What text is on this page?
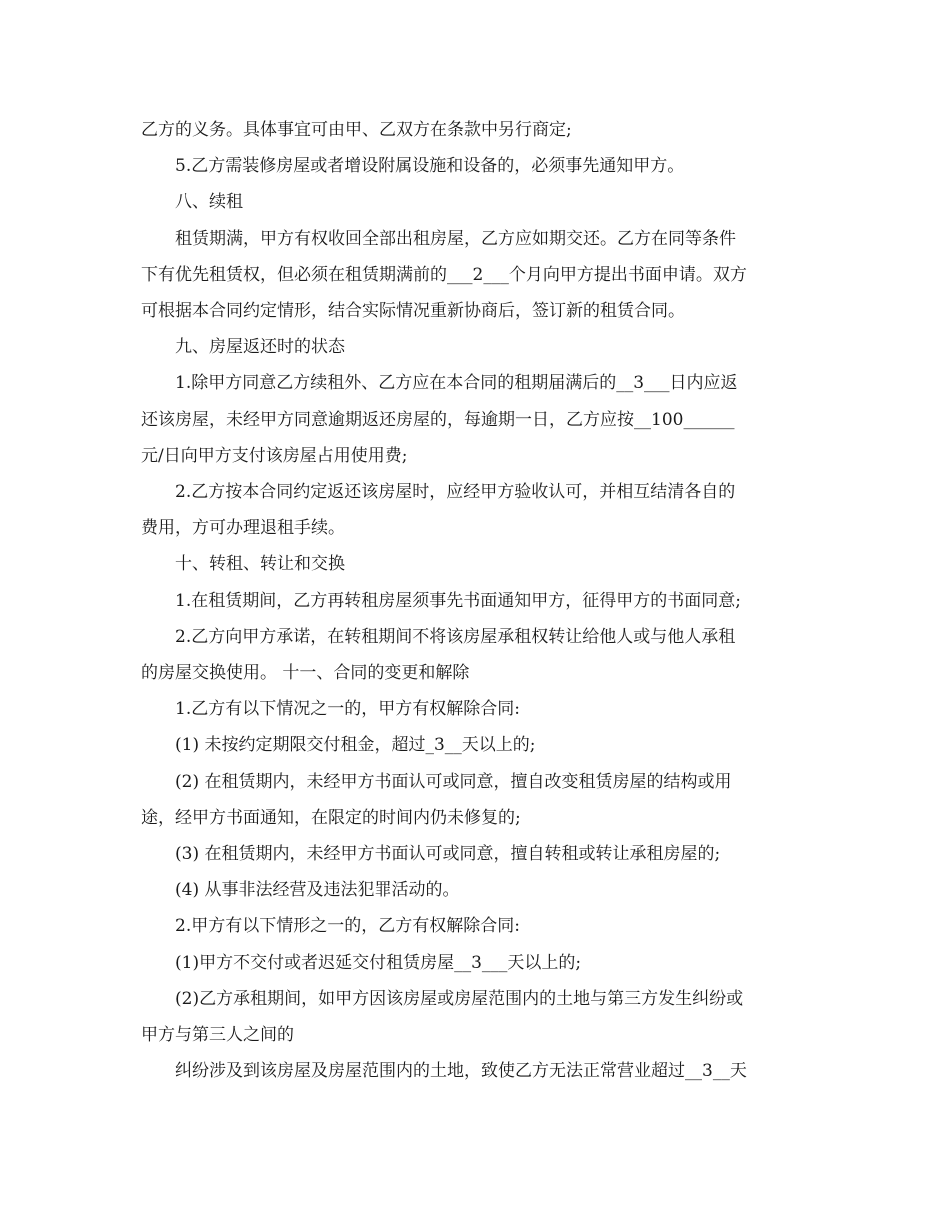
乙方的义务。具体事宜可由甲、乙双方在条款中另行商定;

5.乙方需装修房屋或者增设附属设施和设备的，必须事先通知甲方。

八、续租

租赁期满，甲方有权收回全部出租房屋，乙方应如期交还。乙方在同等条件

下有优先租赁权，但必须在租赁期满前的___2___个月向甲方提出书面申请。双方

可根据本合同约定情形，结合实际情况重新协商后，签订新的租赁合同。

九、房屋返还时的状态

1.除甲方同意乙方续租外、乙方应在本合同的租期届满后的__3___日内应返

还该房屋，未经甲方同意逾期返还房屋的，每逾期一日，乙方应按__100______

元/日向甲方支付该房屋占用使用费;

2.乙方按本合同约定返还该房屋时，应经甲方验收认可，并相互结清各自的

费用，方可办理退租手续。

十、转租、转让和交换

1.在租赁期间，乙方再转租房屋须事先书面通知甲方，征得甲方的书面同意;

2.乙方向甲方承诺，在转租期间不将该房屋承租权转让给他人或与他人承租

的房屋交换使用。 十一、合同的变更和解除

1.乙方有以下情况之一的，甲方有权解除合同:

(1) 未按约定期限交付租金，超过_3__天以上的;

(2) 在租赁期内，未经甲方书面认可或同意，擅自改变租赁房屋的结构或用

途，经甲方书面通知，在限定的时间内仍未修复的;

(3) 在租赁期内，未经甲方书面认可或同意，擅自转租或转让承租房屋的;

(4) 从事非法经营及违法犯罪活动的。

2.甲方有以下情形之一的，乙方有权解除合同:

(1)甲方不交付或者迟延交付租赁房屋__3___天以上的;

(2)乙方承租期间，如甲方因该房屋或房屋范围内的土地与第三方发生纠纷或

甲方与第三人之间的

纠纷涉及到该房屋及房屋范围内的土地，致使乙方无法正常营业超过__3__天
